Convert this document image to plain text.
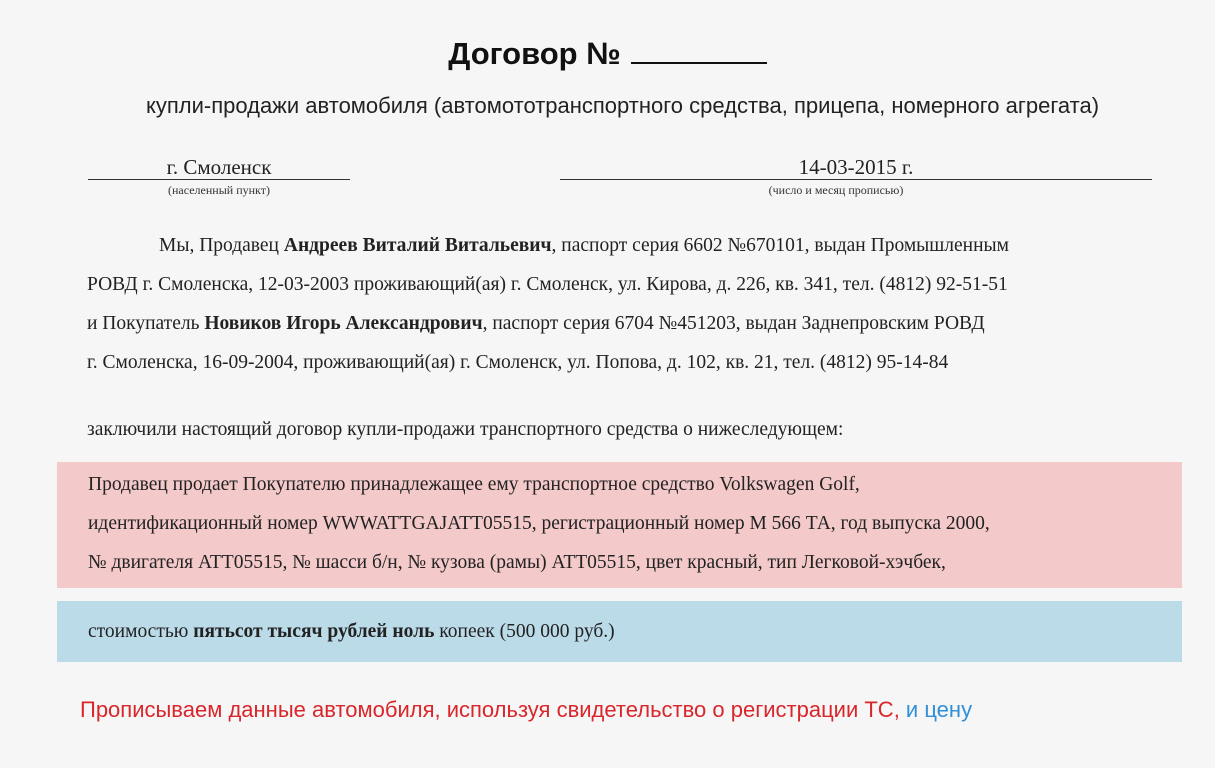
Договор №
купли-продажи автомобиля (автомототранспортного средства, прицепа, номерного агрегата)
г. Смоленск
(населенный пункт)
14-03-2015 г.
(число и месяц прописью)
Мы, Продавец Андреев Виталий Витальевич, паспорт серия 6602 №670101, выдан Промышленным
РОВД г. Смоленска, 12-03-2003 проживающий(ая) г. Смоленск, ул. Кирова, д. 226, кв. 341, тел. (4812) 92-51-51
и Покупатель Новиков Игорь Александрович, паспорт серия 6704 №451203, выдан Заднепровским РОВД
г. Смоленска, 16-09-2004, проживающий(ая) г. Смоленск, ул. Попова, д. 102, кв. 21, тел. (4812) 95-14-84
заключили настоящий договор купли-продажи транспортного средства о нижеследующем:
Продавец продает Покупателю принадлежащее ему транспортное средство Volkswagen Golf,
идентификационный номер WWWATTGAJATT05515, регистрационный номер М 566 ТА, год выпуска 2000,
№ двигателя ATT05515, № шасси б/н, № кузова (рамы) ATT05515, цвет красный, тип Легковой-хэчбек,
стоимостью пятьсот тысяч рублей ноль копеек (500 000 руб.)
Прописываем данные автомобиля, используя свидетельство о регистрации ТС, и цену
